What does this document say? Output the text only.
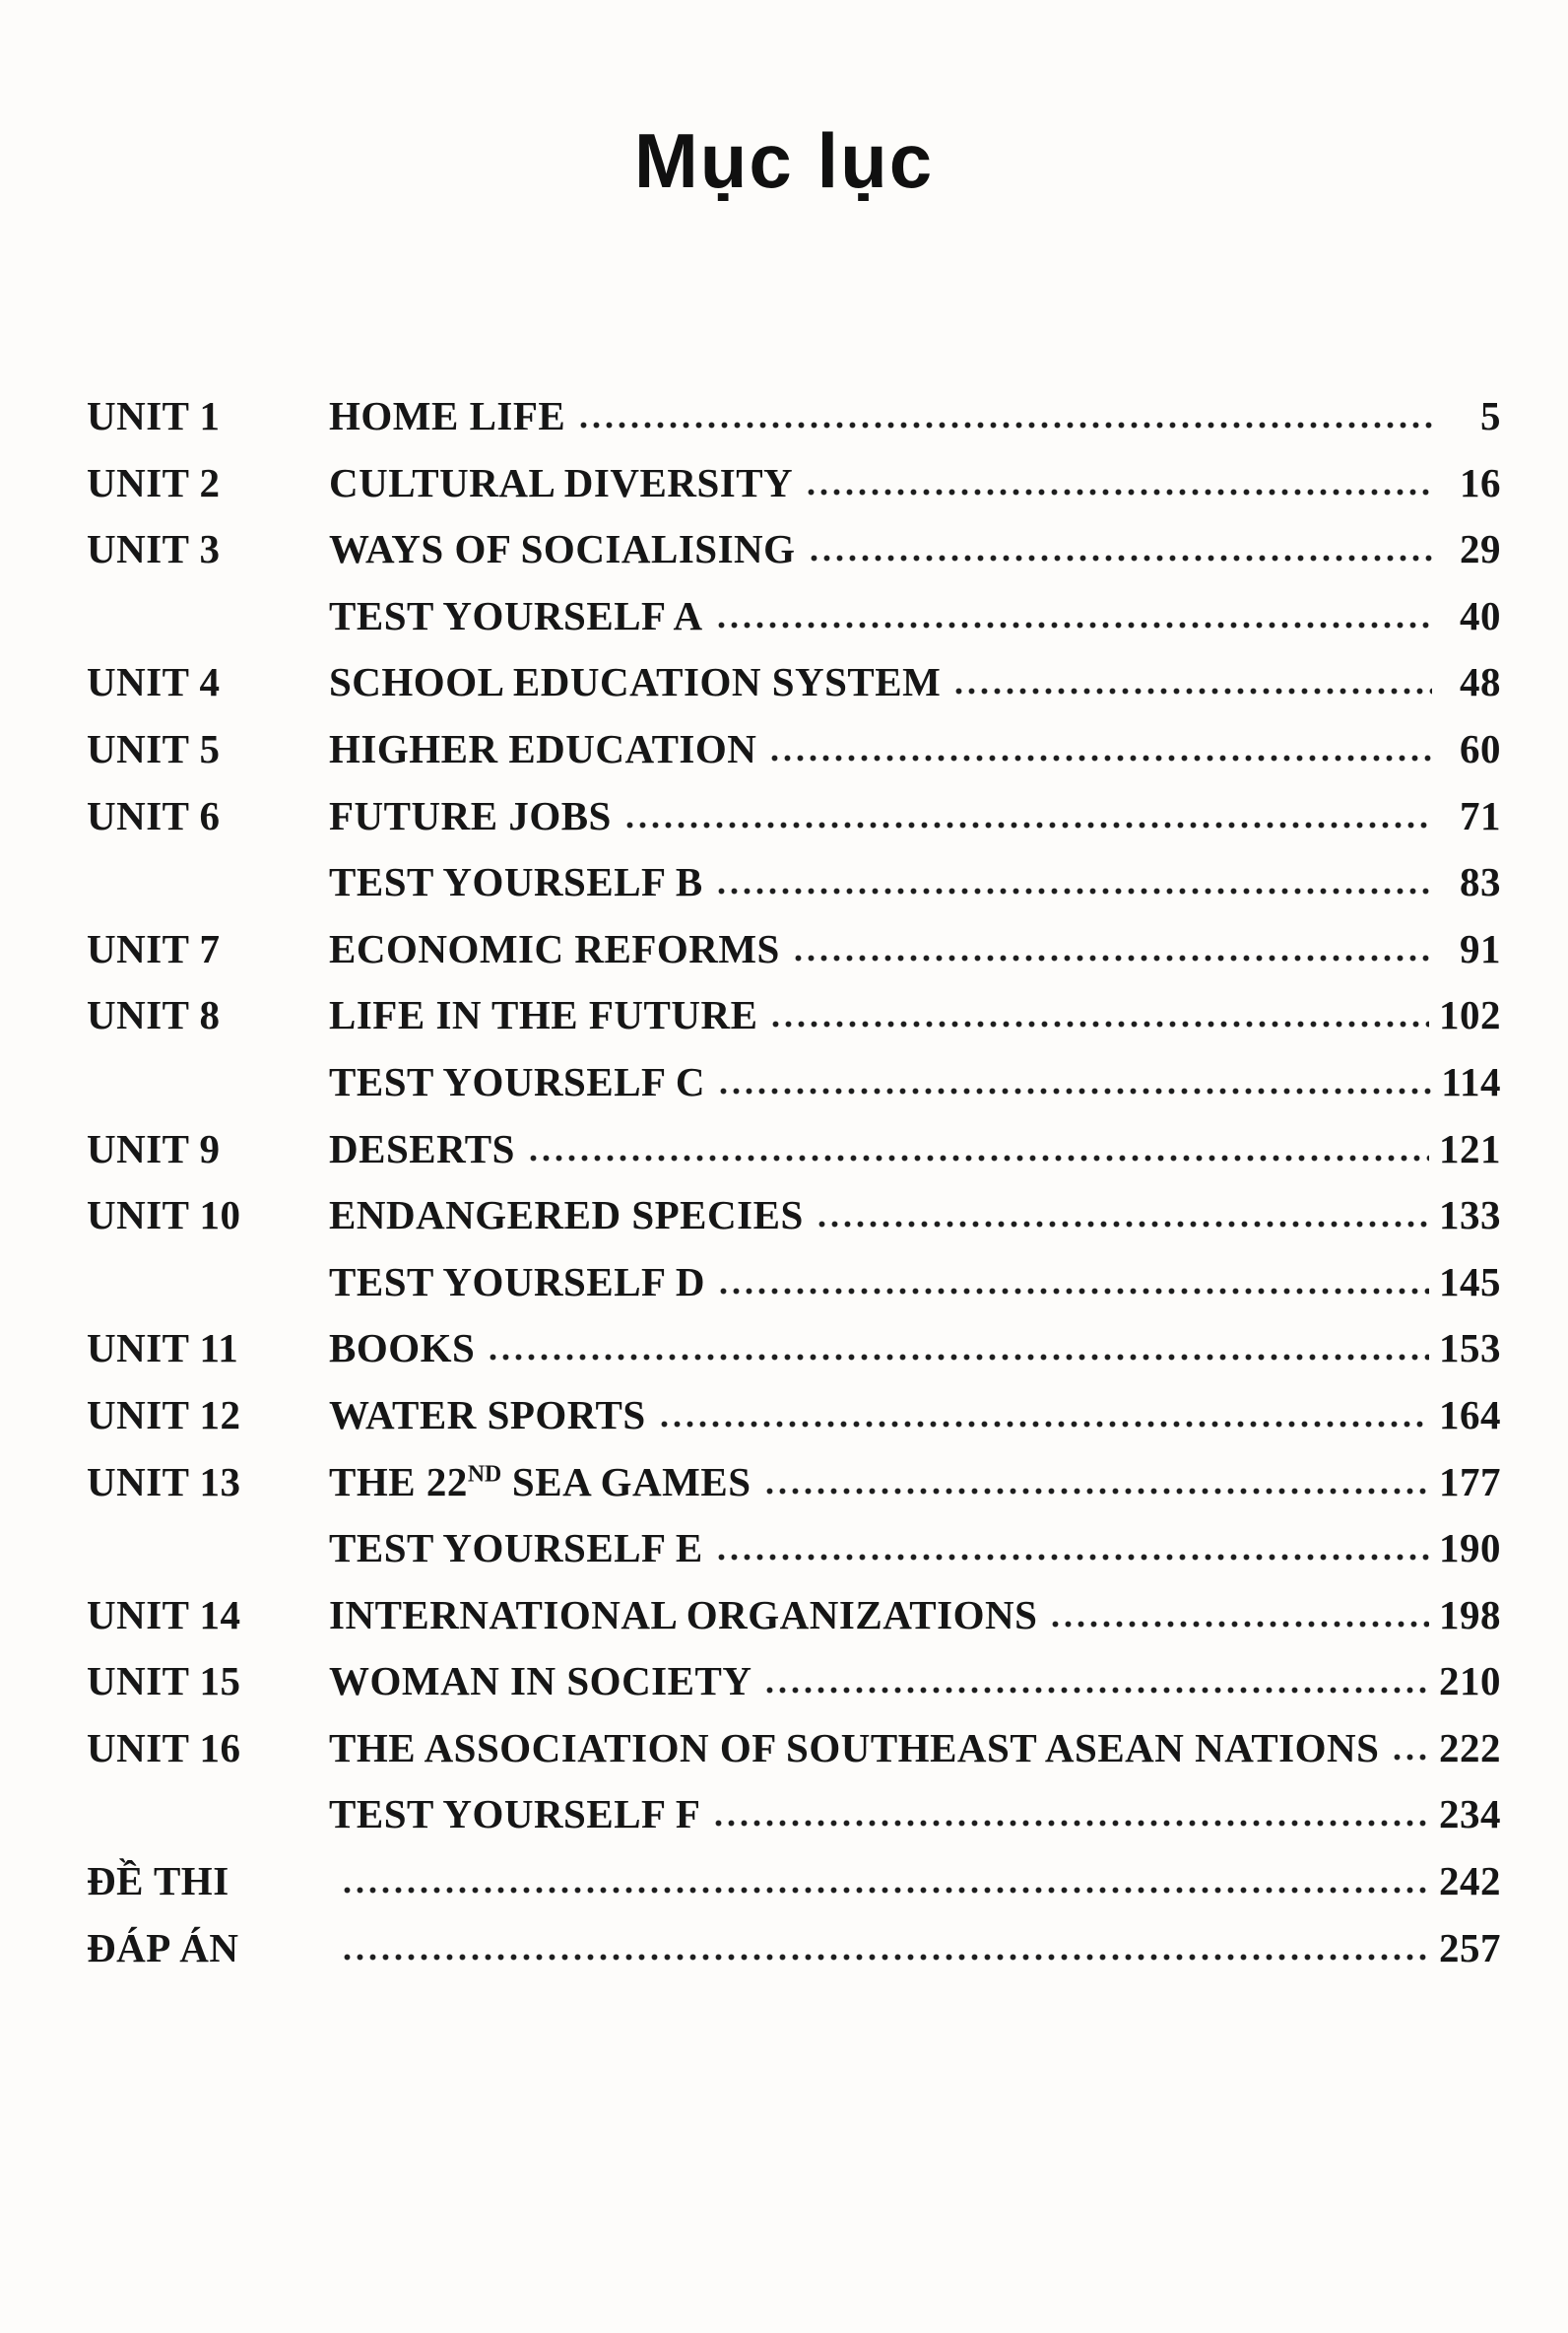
Mục lục
UNIT 1	HOME LIFE	5
UNIT 2	CULTURAL DIVERSITY	16
UNIT 3	WAYS OF SOCIALISING	29
TEST YOURSELF A	40
UNIT 4	SCHOOL EDUCATION SYSTEM	48
UNIT 5	HIGHER EDUCATION	60
UNIT 6	FUTURE JOBS	71
TEST YOURSELF B	83
UNIT 7	ECONOMIC REFORMS	91
UNIT 8	LIFE IN THE FUTURE	102
TEST YOURSELF C	114
UNIT 9	DESERTS	121
UNIT 10	ENDANGERED SPECIES	133
TEST YOURSELF D	145
UNIT 11	BOOKS	153
UNIT 12	WATER SPORTS	164
UNIT 13	THE 22ND SEA GAMES	177
TEST YOURSELF E	190
UNIT 14	INTERNATIONAL ORGANIZATIONS	198
UNIT 15	WOMAN IN SOCIETY	210
UNIT 16	THE ASSOCIATION OF SOUTHEAST ASEAN NATIONS 222
TEST YOURSELF F	234
ĐỀ THI	242
ĐÁP ÁN	257
